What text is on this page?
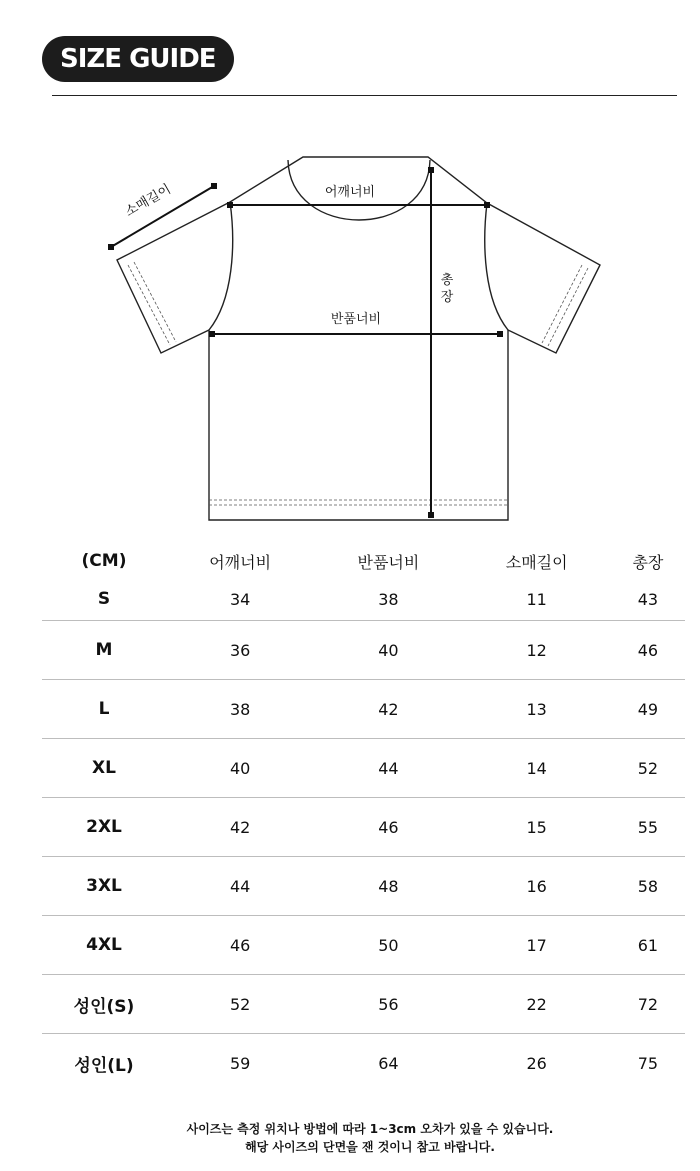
SIZE GUIDE
어깨너비
반품너비
총
장
소매길이
(CM)	어깨너비	반품너비	소매길이	총장
S	34	38	11	43
M	36	40	12	46
L	38	42	13	49
XL	40	44	14	52
2XL	42	46	15	55
3XL	44	48	16	58
4XL	46	50	17	61
성인(S)	52	56	22	72
성인(L)	59	64	26	75
사이즈는 측정 위치나 방법에 따라 1~3cm 오차가 있을 수 있습니다.
해당 사이즈의 단면을 잰 것이니 참고 바랍니다.
